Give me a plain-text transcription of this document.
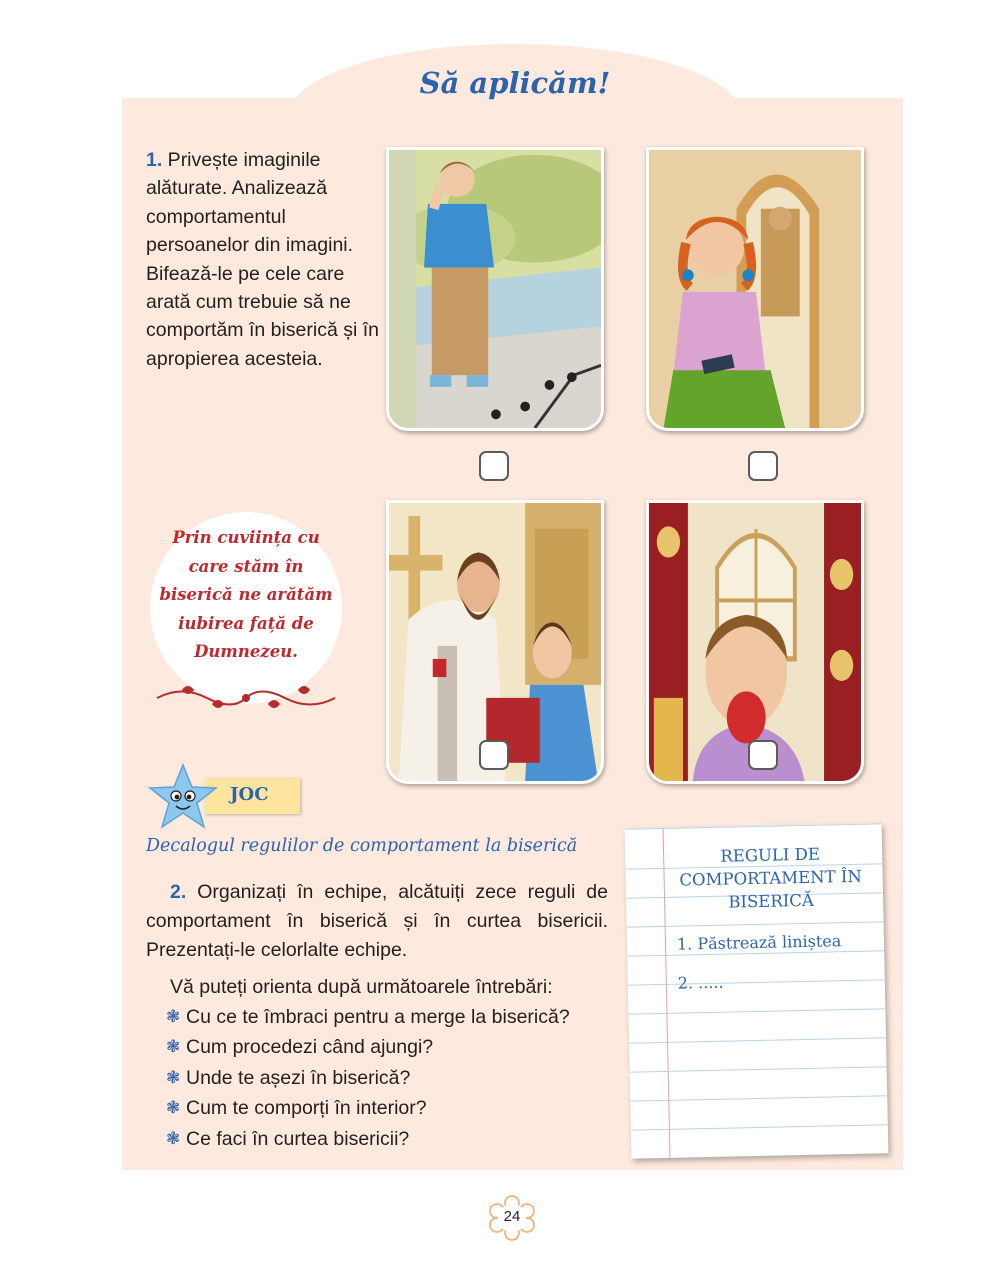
Să aplicăm!
1. Privește imaginile alăturate. Analizează comportamentul persoanelor din imagini. Bifează-le pe cele care arată cum trebuie să ne comportăm în biserică și în apropierea acesteia.
Prin cuviința cu care stăm în biserică ne arătăm iubirea față de Dumnezeu.
JOC
Decalogul regulilor de comportament la biserică
2. Organizați în echipe, alcătuiți zece reguli de comportament în biserică și în curtea bisericii. Prezentați-le celorlalte echipe.
Vă puteți orienta după următoarele întrebări:
❃ Cu ce te îmbraci pentru a merge la biserică?
❃ Cum procedezi când ajungi?
❃ Unde te așezi în biserică?
❃ Cum te comporți în interior?
❃ Ce faci în curtea bisericii?
REGULI DE COMPORTAMENT ÎN BISERICĂ
1. Păstrează liniștea
2. .....
24
